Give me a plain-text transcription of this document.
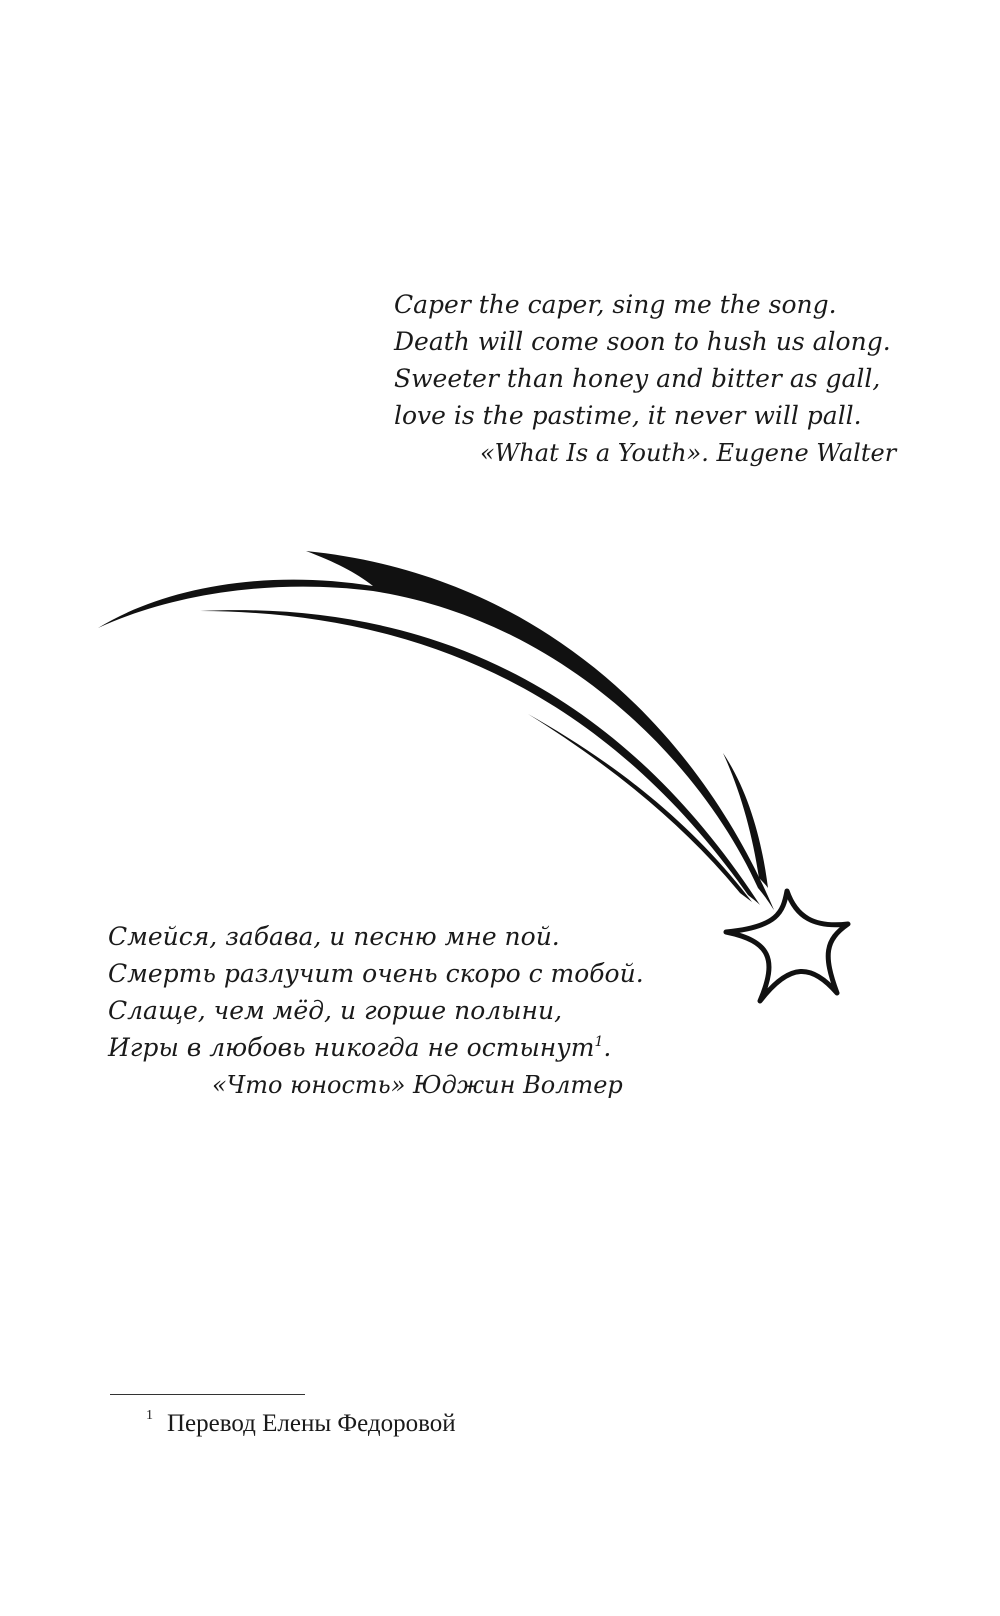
Caper the caper, sing me the song.
Death will come soon to hush us along.
Sweeter than honey and bitter as gall,
love is the pastime, it never will pall.
«What Is a Youth». Eugene Walter
Смейся, забава, и песню мне пой.
Смерть разлучит очень скоро с тобой.
Слаще, чем мёд, и горше полыни,
Игры в любовь никогда не остынут$^1$.
«Что юность» Юджин Волтер
$^1$ Перевод Елены Федоровой
